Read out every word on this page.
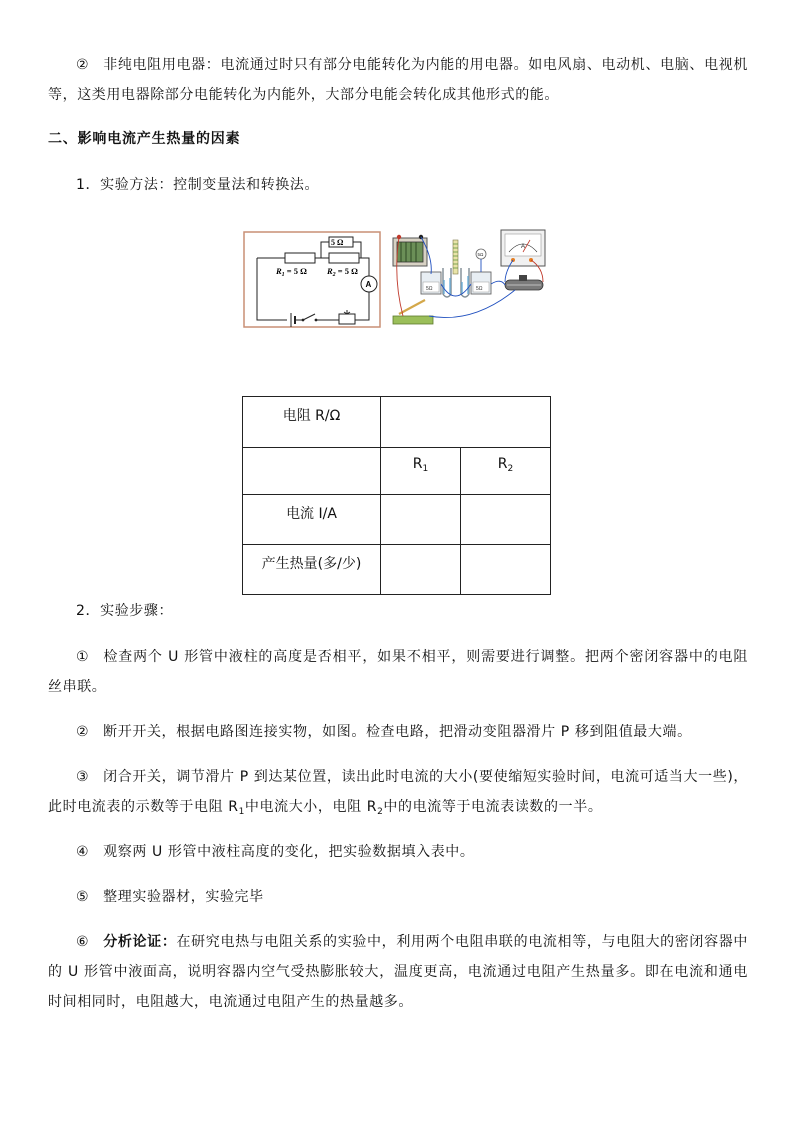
② 非纯电阻用电器：电流通过时只有部分电能转化为内能的用电器。如电风扇、电动机、电脑、电视机等，这类用电器除部分电能转化为内能外，大部分电能会转化成其他形式的能。

二、影响电流产生热量的因素

1．实验方法：控制变量法和转换法。

5 Ω
$R_1 = 5$ Ω $R_2 = 5$ Ω
A	5Ω	5Ω
5Ω
A
电阻 R/Ω		

	$R_1$	$R_2$

电流 I/A		

产生热量(多/少)		

2．实验步骤：

① 检查两个 U 形管中液柱的高度是否相平，如果不相平，则需要进行调整。把两个密闭容器中的电阻丝串联。

② 断开开关，根据电路图连接实物，如图。检查电路，把滑动变阻器滑片 P 移到阻值最大端。

③ 闭合开关，调节滑片 P 到达某位置，读出此时电流的大小(要使缩短实验时间，电流可适当大一些)，此时电流表的示数等于电阻 $R_1$中电流大小，电阻 $R_2$中的电流等于电流表读数的一半。

④ 观察两 U 形管中液柱高度的变化，把实验数据填入表中。

⑤ 整理实验器材，实验完毕

⑥ 分析论证：在研究电热与电阻关系的实验中，利用两个电阻串联的电流相等，与电阻大的密闭容器中的 U 形管中液面高，说明容器内空气受热膨胀较大，温度更高，电流通过电阻产生热量多。即在电流和通电时间相同时，电阻越大，电流通过电阻产生的热量越多。
